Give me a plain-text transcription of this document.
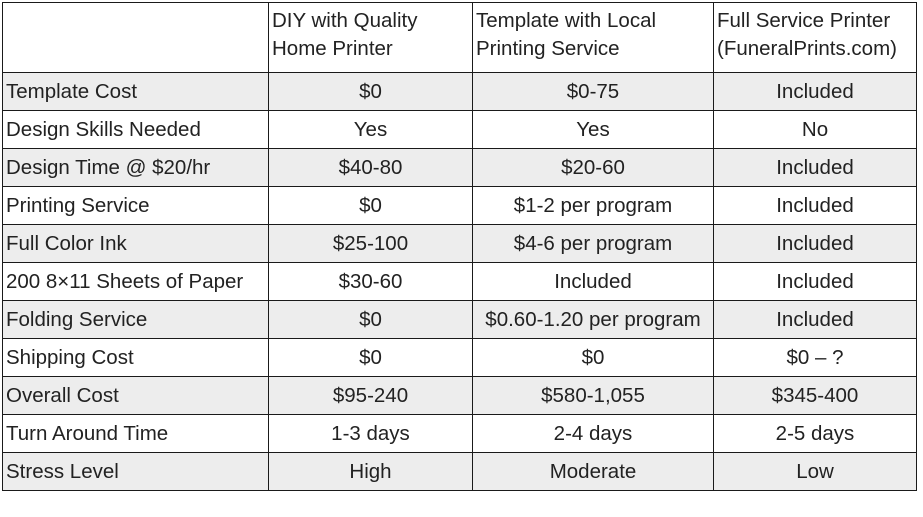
	DIY with Quality Home Printer	Template with Local Printing Service	Full Service Printer (FuneralPrints.com)
Template Cost	$0	$0-75	Included
Design Skills Needed	Yes	Yes	No
Design Time @ $20/hr	$40-80	$20-60	Included
Printing Service	$0	$1-2 per program	Included
Full Color Ink	$25-100	$4-6 per program	Included
200 8×11 Sheets of Paper	$30-60	Included	Included
Folding Service	$0	$0.60-1.20 per program	Included
Shipping Cost	$0	$0	$0 – ?
Overall Cost	$95-240	$580-1,055	$345-400
Turn Around Time	1-3 days	2-4 days	2-5 days
Stress Level	High	Moderate	Low
